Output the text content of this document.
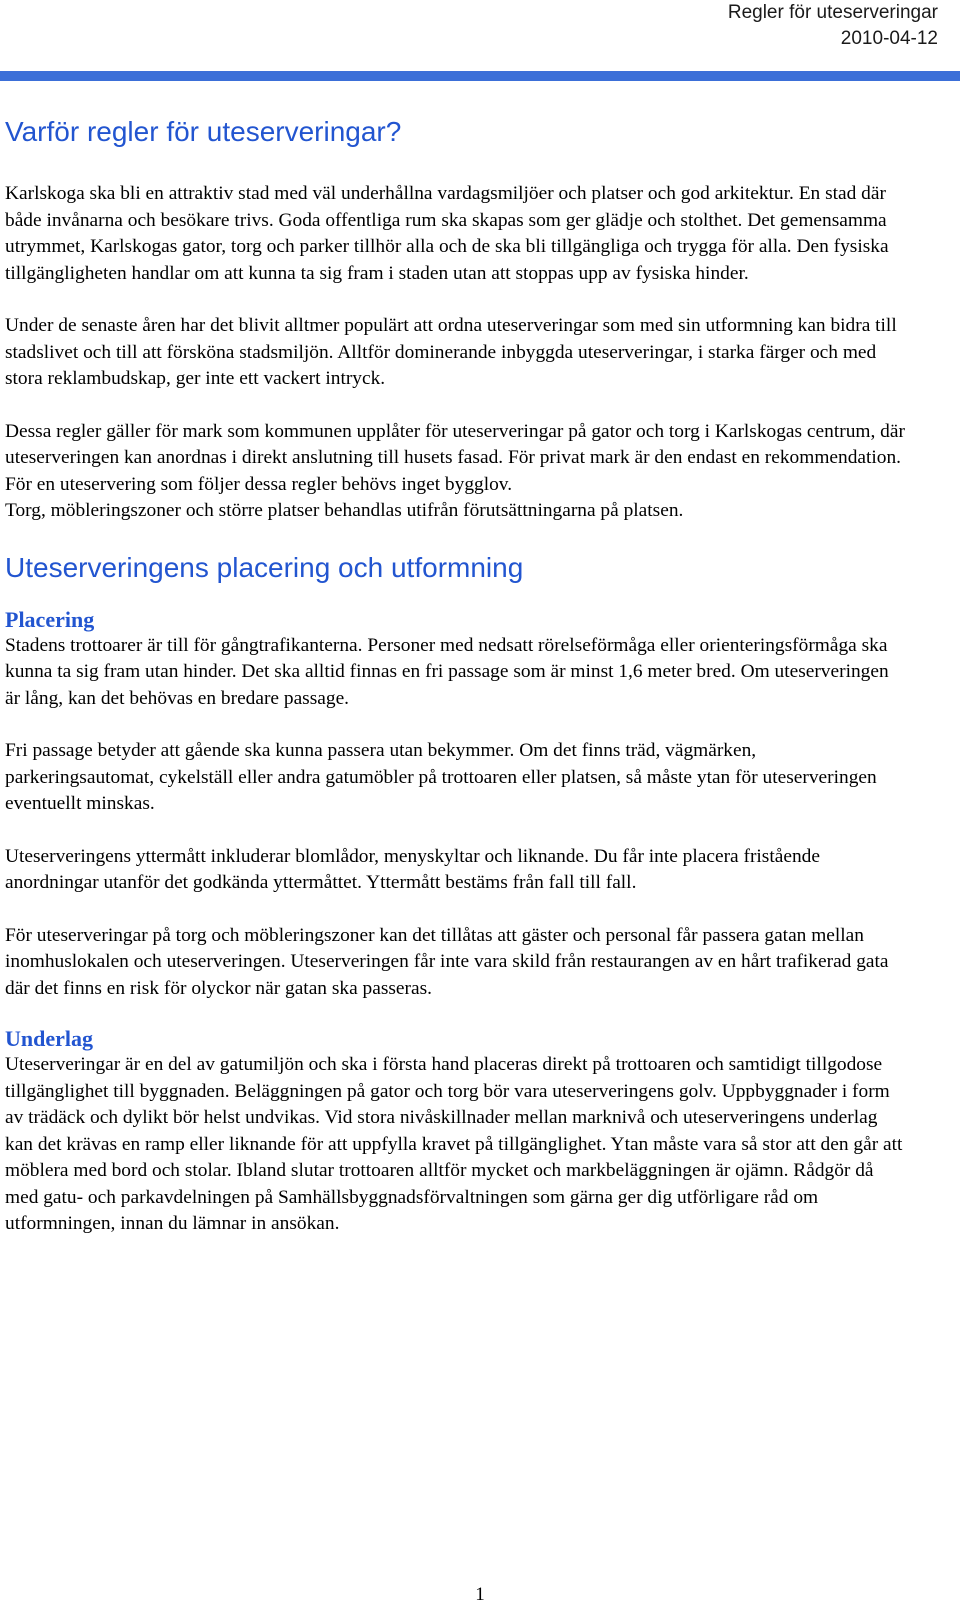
Regler för uteserveringar
2010-04-12
Varför regler för uteserveringar?

Karlskoga ska bli en attraktiv stad med väl underhållna vardagsmiljöer och platser och god arkitektur. En stad där både invånarna och besökare trivs. Goda offentliga rum ska skapas som ger glädje och stolthet. Det gemensamma utrymmet, Karlskogas gator, torg och parker tillhör alla och de ska bli tillgängliga och trygga för alla. Den fysiska tillgängligheten handlar om att kunna ta sig fram i staden utan att stoppas upp av fysiska hinder.

Under de senaste åren har det blivit alltmer populärt att ordna uteserveringar som med sin utformning kan bidra till stadslivet och till att försköna stadsmiljön. Alltför dominerande inbyggda uteserveringar, i starka färger och med stora reklambudskap, ger inte ett vackert intryck.

Dessa regler gäller för mark som kommunen upplåter för uteserveringar på gator och torg i Karlskogas centrum, där uteserveringen kan anordnas i direkt anslutning till husets fasad. För privat mark är den endast en rekommendation. För en uteservering som följer dessa regler behövs inget bygglov.

Torg, möbleringszoner och större platser behandlas utifrån förutsättningarna på platsen.

Uteserveringens placering och utformning
Placering

Stadens trottoarer är till för gångtrafikanterna. Personer med nedsatt rörelseförmåga eller orienteringsförmåga ska kunna ta sig fram utan hinder. Det ska alltid finnas en fri passage som är minst 1,6 meter bred. Om uteserveringen är lång, kan det behövas en bredare passage.

Fri passage betyder att gående ska kunna passera utan bekymmer. Om det finns träd, vägmärken, parkeringsautomat, cykelställ eller andra gatumöbler på trottoaren eller platsen, så måste ytan för uteserveringen eventuellt minskas.

Uteserveringens yttermått inkluderar blomlådor, menyskyltar och liknande. Du får inte placera fristående anordningar utanför det godkända yttermåttet. Yttermått bestäms från fall till fall.

För uteserveringar på torg och möbleringszoner kan det tillåtas att gäster och personal får passera gatan mellan inomhuslokalen och uteserveringen. Uteserveringen får inte vara skild från restaurangen av en hårt trafikerad gata där det finns en risk för olyckor när gatan ska passeras.

Underlag

Uteserveringar är en del av gatumiljön och ska i första hand placeras direkt på trottoaren och samtidigt tillgodose tillgänglighet till byggnaden. Beläggningen på gator och torg bör vara uteserveringens golv. Uppbyggnader i form av trädäck och dylikt bör helst undvikas. Vid stora nivåskillnader mellan marknivå och uteserveringens underlag kan det krävas en ramp eller liknande för att uppfylla kravet på tillgänglighet. Ytan måste vara så stor att den går att möblera med bord och stolar. Ibland slutar trottoaren alltför mycket och markbeläggningen är ojämn. Rådgör då med gatu- och parkavdelningen på Samhällsbyggnadsförvaltningen som gärna ger dig utförligare råd om utformningen, innan du lämnar in ansökan.

1
